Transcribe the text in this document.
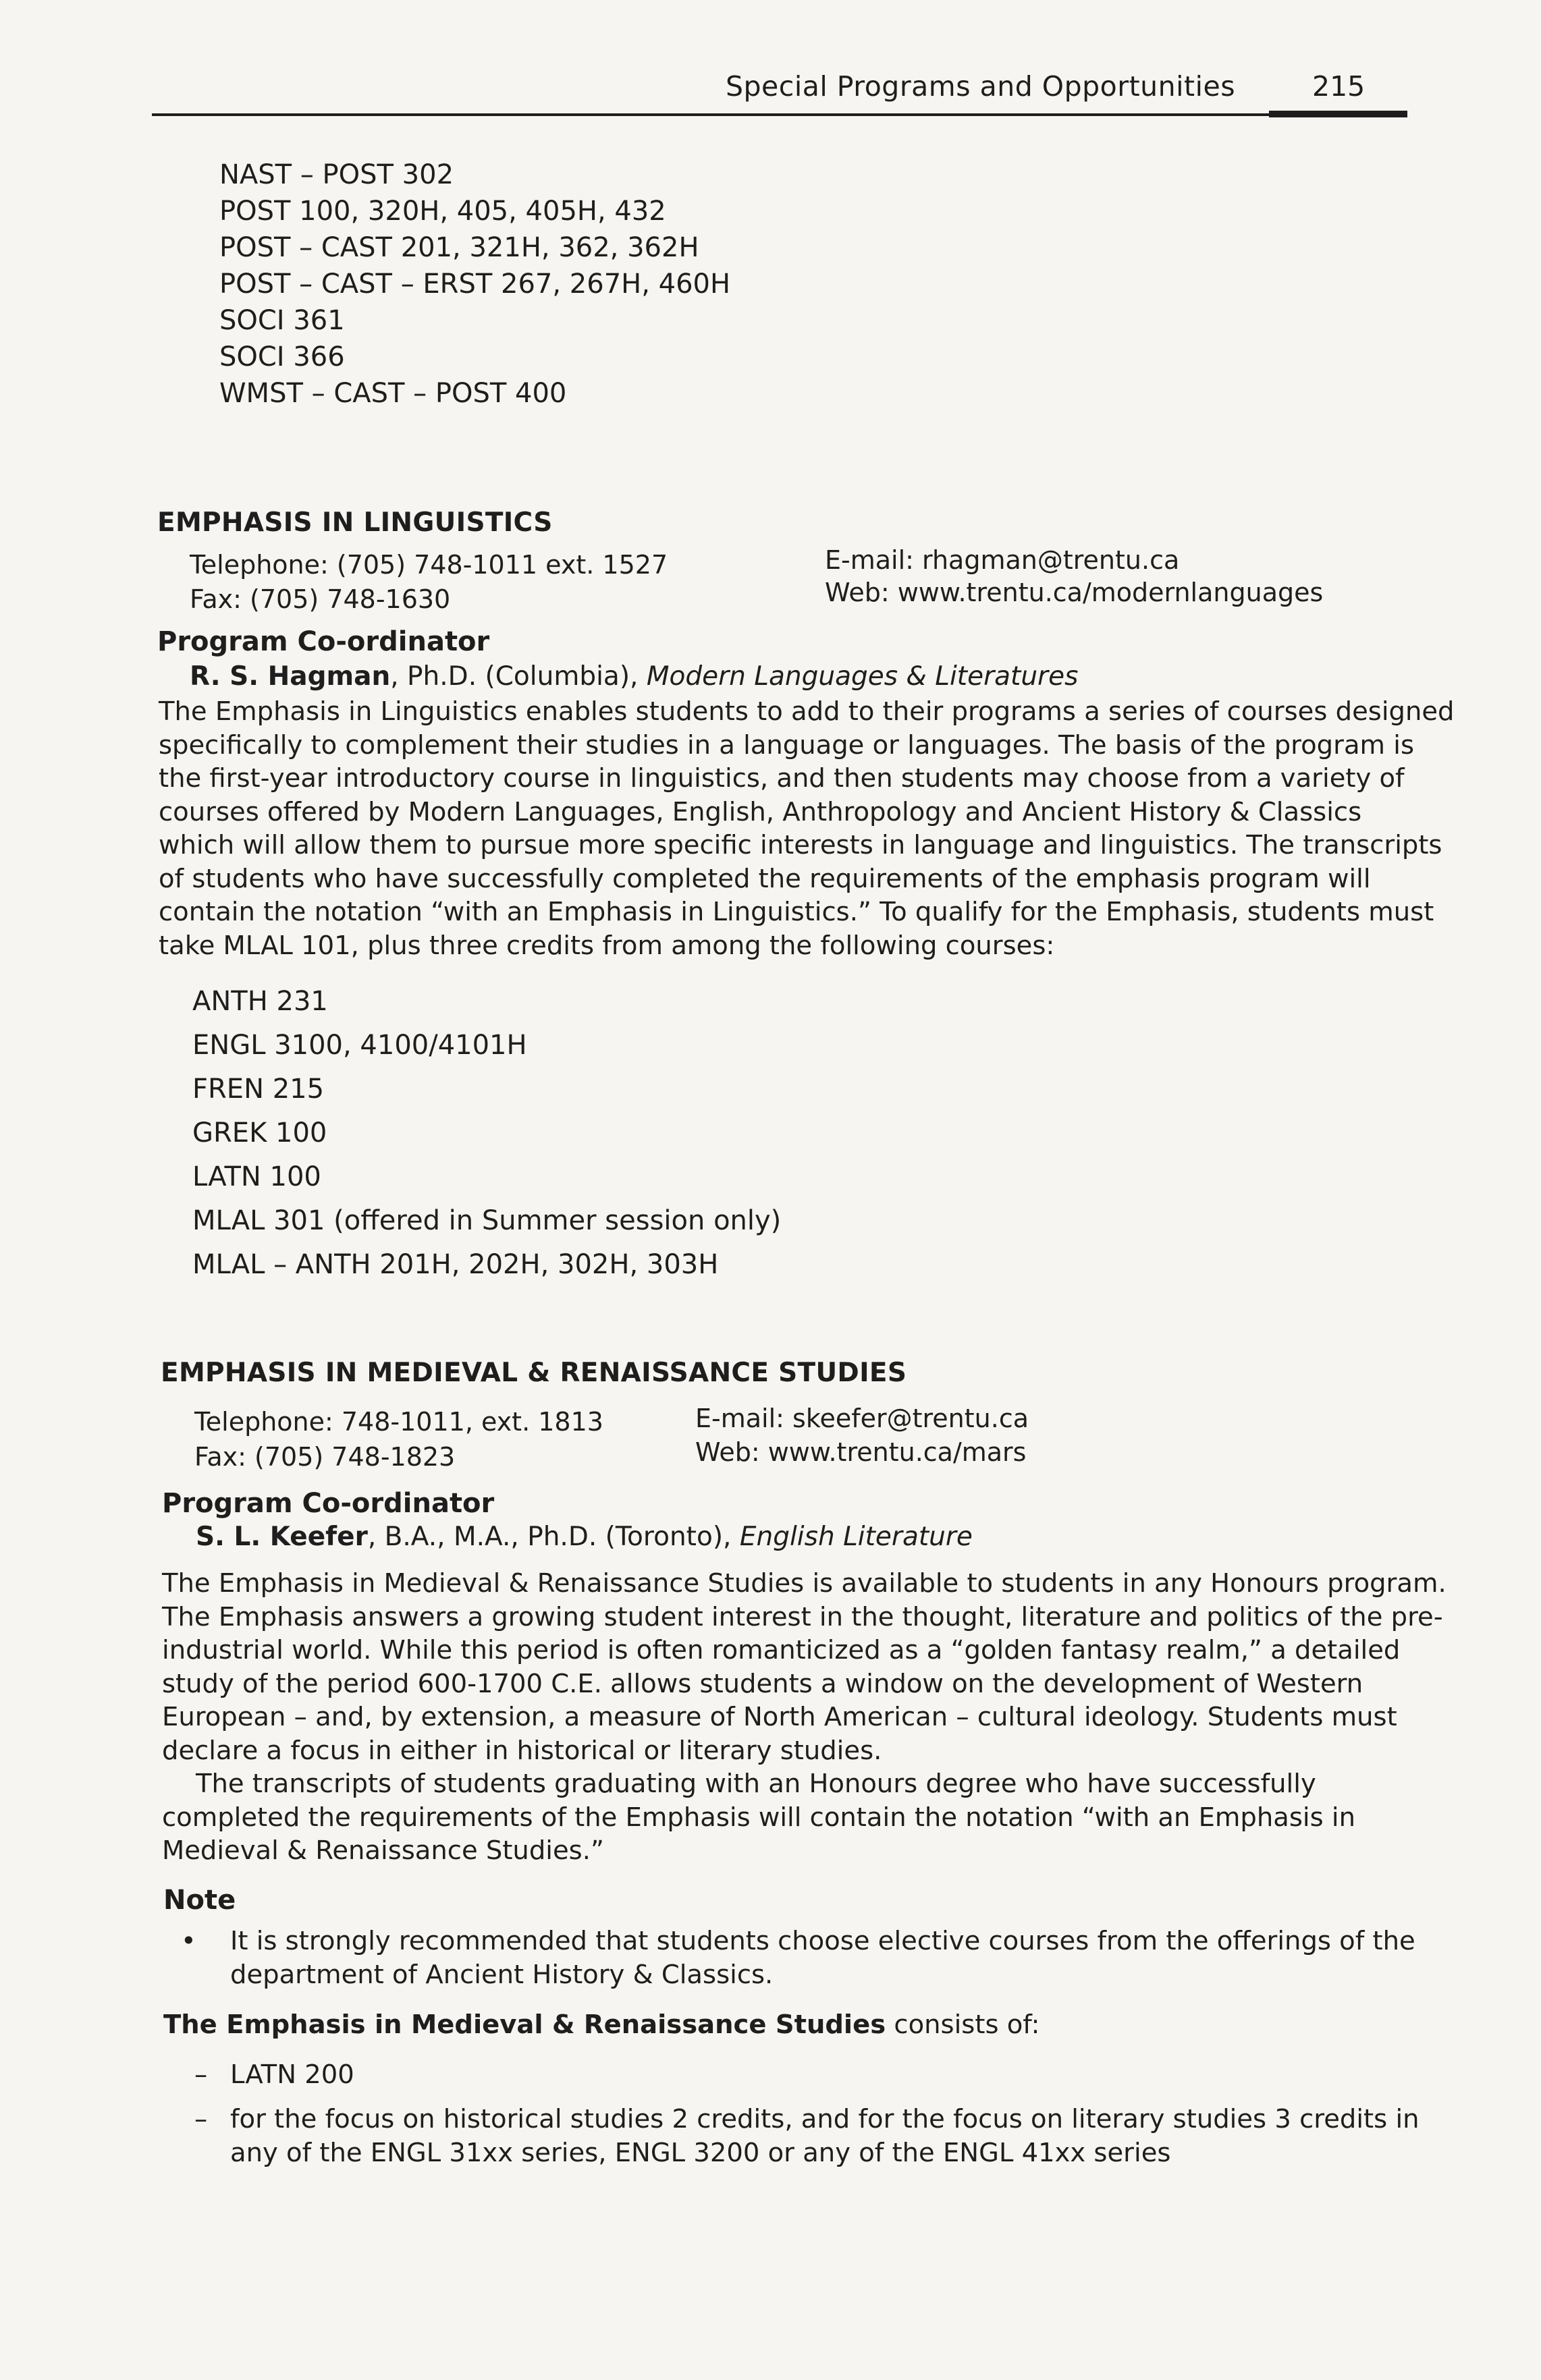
Special Programs and Opportunities	215
NAST – POST 302
POST 100, 320H, 405, 405H, 432
POST – CAST 201, 321H, 362, 362H
POST – CAST – ERST 267, 267H, 460H
SOCI 361
SOCI 366
WMST – CAST – POST 400
EMPHASIS IN LINGUISTICS
Telephone: (705) 748-1011 ext. 1527
Fax: (705) 748-1630
E-mail: rhagman@trentu.ca
Web: www.trentu.ca/modernlanguages
Program Co-ordinator
R. S. Hagman, Ph.D. (Columbia), Modern Languages & Literatures
The Emphasis in Linguistics enables students to add to their programs a series of courses designed
specifically to complement their studies in a language or languages. The basis of the program is
the first-year introductory course in linguistics, and then students may choose from a variety of
courses offered by Modern Languages, English, Anthropology and Ancient History & Classics
which will allow them to pursue more specific interests in language and linguistics. The transcripts
of students who have successfully completed the requirements of the emphasis program will
contain the notation “with an Emphasis in Linguistics.” To qualify for the Emphasis, students must
take MLAL 101, plus three credits from among the following courses:
ANTH 231
ENGL 3100, 4100/4101H
FREN 215
GREK 100
LATN 100
MLAL 301 (offered in Summer session only)
MLAL – ANTH 201H, 202H, 302H, 303H
EMPHASIS IN MEDIEVAL & RENAISSANCE STUDIES
Telephone: 748-1011, ext. 1813
Fax: (705) 748-1823
E-mail: skeefer@trentu.ca
Web: www.trentu.ca/mars
Program Co-ordinator
S. L. Keefer, B.A., M.A., Ph.D. (Toronto), English Literature
The Emphasis in Medieval & Renaissance Studies is available to students in any Honours program.
The Emphasis answers a growing student interest in the thought, literature and politics of the pre-
industrial world. While this period is often romanticized as a “golden fantasy realm,” a detailed
study of the period 600-1700 C.E. allows students a window on the development of Western
European – and, by extension, a measure of North American – cultural ideology. Students must
declare a focus in either in historical or literary studies.
The transcripts of students graduating with an Honours degree who have successfully
completed the requirements of the Emphasis will contain the notation “with an Emphasis in
Medieval & Renaissance Studies.”
Note
• It is strongly recommended that students choose elective courses from the offerings of the
department of Ancient History & Classics.
The Emphasis in Medieval & Renaissance Studies consists of:
– LATN 200
– for the focus on historical studies 2 credits, and for the focus on literary studies 3 credits in
any of the ENGL 31xx series, ENGL 3200 or any of the ENGL 41xx series
